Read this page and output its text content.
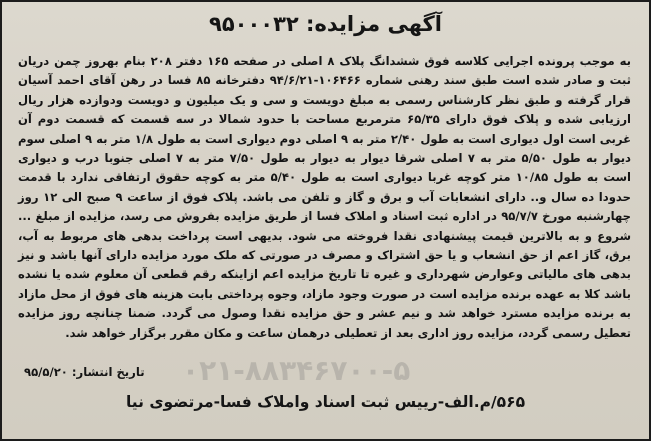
آگهی مزایده: ۹۵۰۰۰۳۲

به موجب پرونده اجرایی کلاسه فوق ششدانگ پلاک ۸ اصلی در صفحه ۱۶۵ دفتر ۲۰۸ بنام بهروز چمن دریان ثبت و صادر شده است طبق سند رهنی شماره ۱۰۶۴۶۶-۹۴/۶/۲۱ دفترخانه ۸۵ فسا در رهن آقای احمد آسیان قرار گرفته و طبق نظر کارشناس رسمی به مبلغ دویست و سی و یک میلیون و دویست ودوازده هزار ریال ارزیابی شده و پلاک فوق دارای ۶۵/۳۵ مترمربع مساحت با حدود شمالا در سه قسمت که قسمت دوم آن غربی است اول دیواری است به طول ۲/۴۰ متر به ۹ اصلی دوم دیواری است به طول ۱/۸ متر به ۹ اصلی سوم دیوار به طول ۵/۵۰ متر به ۷ اصلی شرقا دیوار به دیوار به طول ۷/۵۰ متر به ۷ اصلی جنوبا درب و دیواری است به طول ۱۰/۸۵ متر کوچه غربا دیواری است به طول ۵/۴۰ متر به کوچه حقوق ارتفاقی ندارد با قدمت حدودا ده سال و.. دارای انشعابات آب و برق و گاز و تلفن می باشد. پلاک فوق از ساعت ۹ صبح الی ۱۲ روز چهارشنبه مورخ ۹۵/۷/۷ در اداره ثبت اسناد و املاک فسا از طریق مزایده بفروش می رسد، مزایده از مبلغ ... شروع و به بالاترین قیمت پیشنهادی نقدا فروخته می شود. بدیهی است پرداخت بدهی های مربوط به آب، برق، گاز اعم از حق انشعاب و یا حق اشتراک و مصرف در صورتی که ملک مورد مزایده دارای آنها باشد و نیز بدهی های مالیاتی وعوارض شهرداری و غیره تا تاریخ مزایده اعم ازاینکه رقم قطعی آن معلوم شده یا نشده باشد کلا به عهده برنده مزایده است در صورت وجود مازاد، وجوه پرداختی بابت هزینه های فوق از محل مازاد به برنده مزایده مسترد خواهد شد و نیم عشر و حق مزایده نقدا وصول می گردد. ضمنا چنانچه روز مزایده تعطیل رسمی گردد، مزایده روز اداری بعد از تعطیلی درهمان ساعت و مکان مقرر برگزار خواهد شد.

۰۲۱-۸۸۳۴۶۷۰۰-۵
تاریخ انتشار: ۹۵/۵/۲۰
۵۶۵/م.الف-رییس ثبت اسناد واملاک فسا-مرتضوی نیا
